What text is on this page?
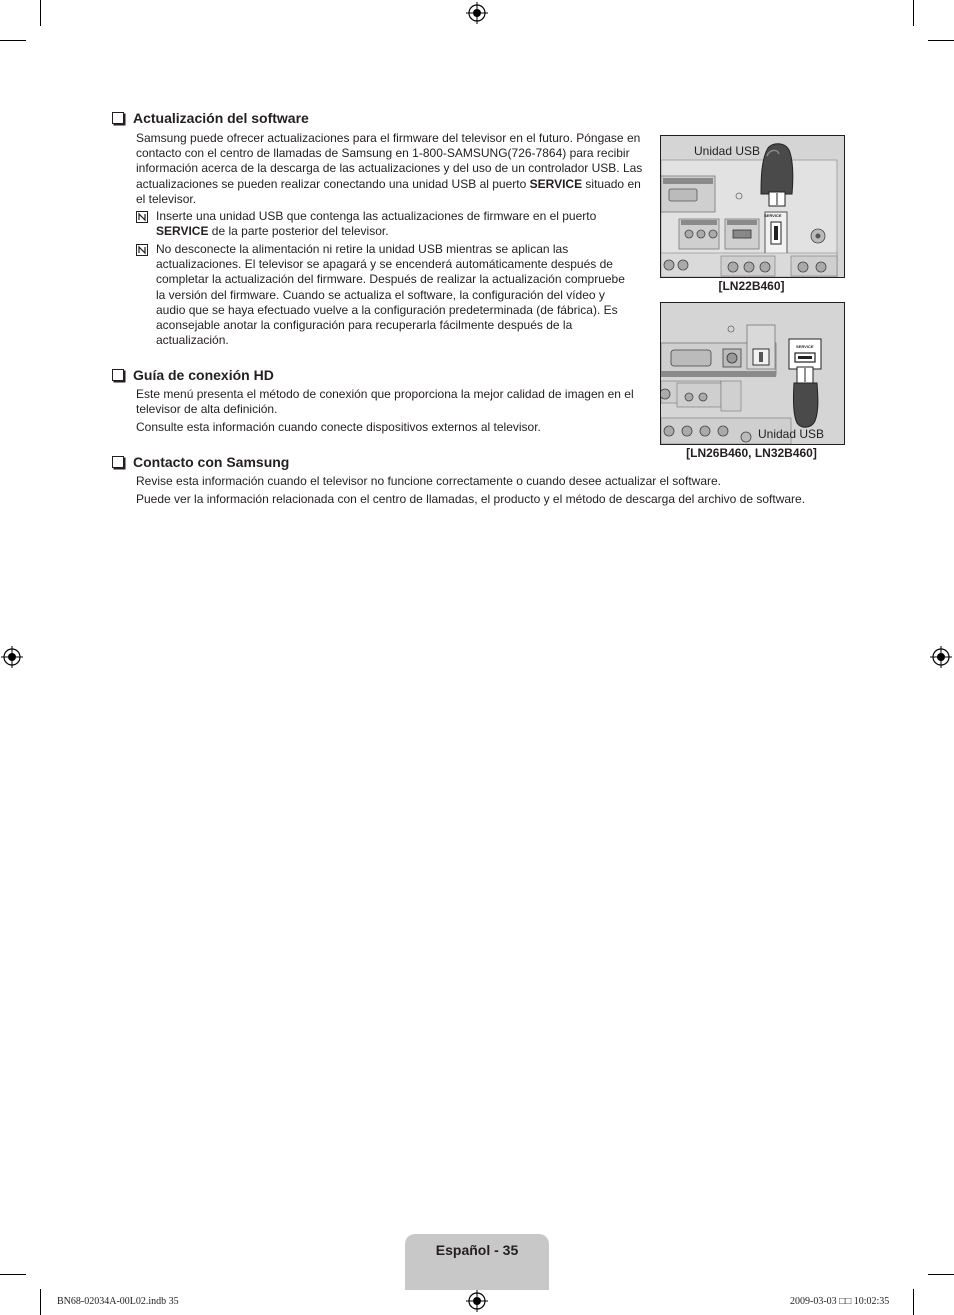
Actualización del software

Samsung puede ofrecer actualizaciones para el firmware del televisor en el futuro. Póngase en contacto con el centro de llamadas de Samsung en 1-800-SAMSUNG(726-7864) para recibir información acerca de la descarga de las actualizaciones y del uso de un controlador USB. Las actualizaciones se pueden realizar conectando una unidad USB al puerto SERVICE situado en el televisor.

Inserte una unidad USB que contenga las actualizaciones de firmware en el puerto SERVICE de la parte posterior del televisor.
No desconecte la alimentación ni retire la unidad USB mientras se aplican las actualizaciones. El televisor se apagará y se encenderá automáticamente después de completar la actualización del firmware. Después de realizar la actualización compruebe la versión del firmware. Cuando se actualiza el software, la configuración del vídeo y audio que se haya efectuado vuelve a la configuración predeterminada (de fábrica). Es aconsejable anotar la configuración para recuperarla fácilmente después de la actualización.
Guía de conexión HD

Este menú presenta el método de conexión que proporciona la mejor calidad de imagen en el televisor de alta definición.

Consulte esta información cuando conecte dispositivos externos al televisor.

Contacto con Samsung

Revise esta información cuando el televisor no funcione correctamente o cuando desee actualizar el software.

Puede ver la información relacionada con el centro de llamadas, el producto y el método de descarga del archivo de software.

Unidad USB
SERVICE
[LN22B460]
SERVICE
Unidad USB
[LN26B460, LN32B460]
Español - 35
BN68-02034A-00L02.indb 35	2009-03-03 □□ 10:02:35
